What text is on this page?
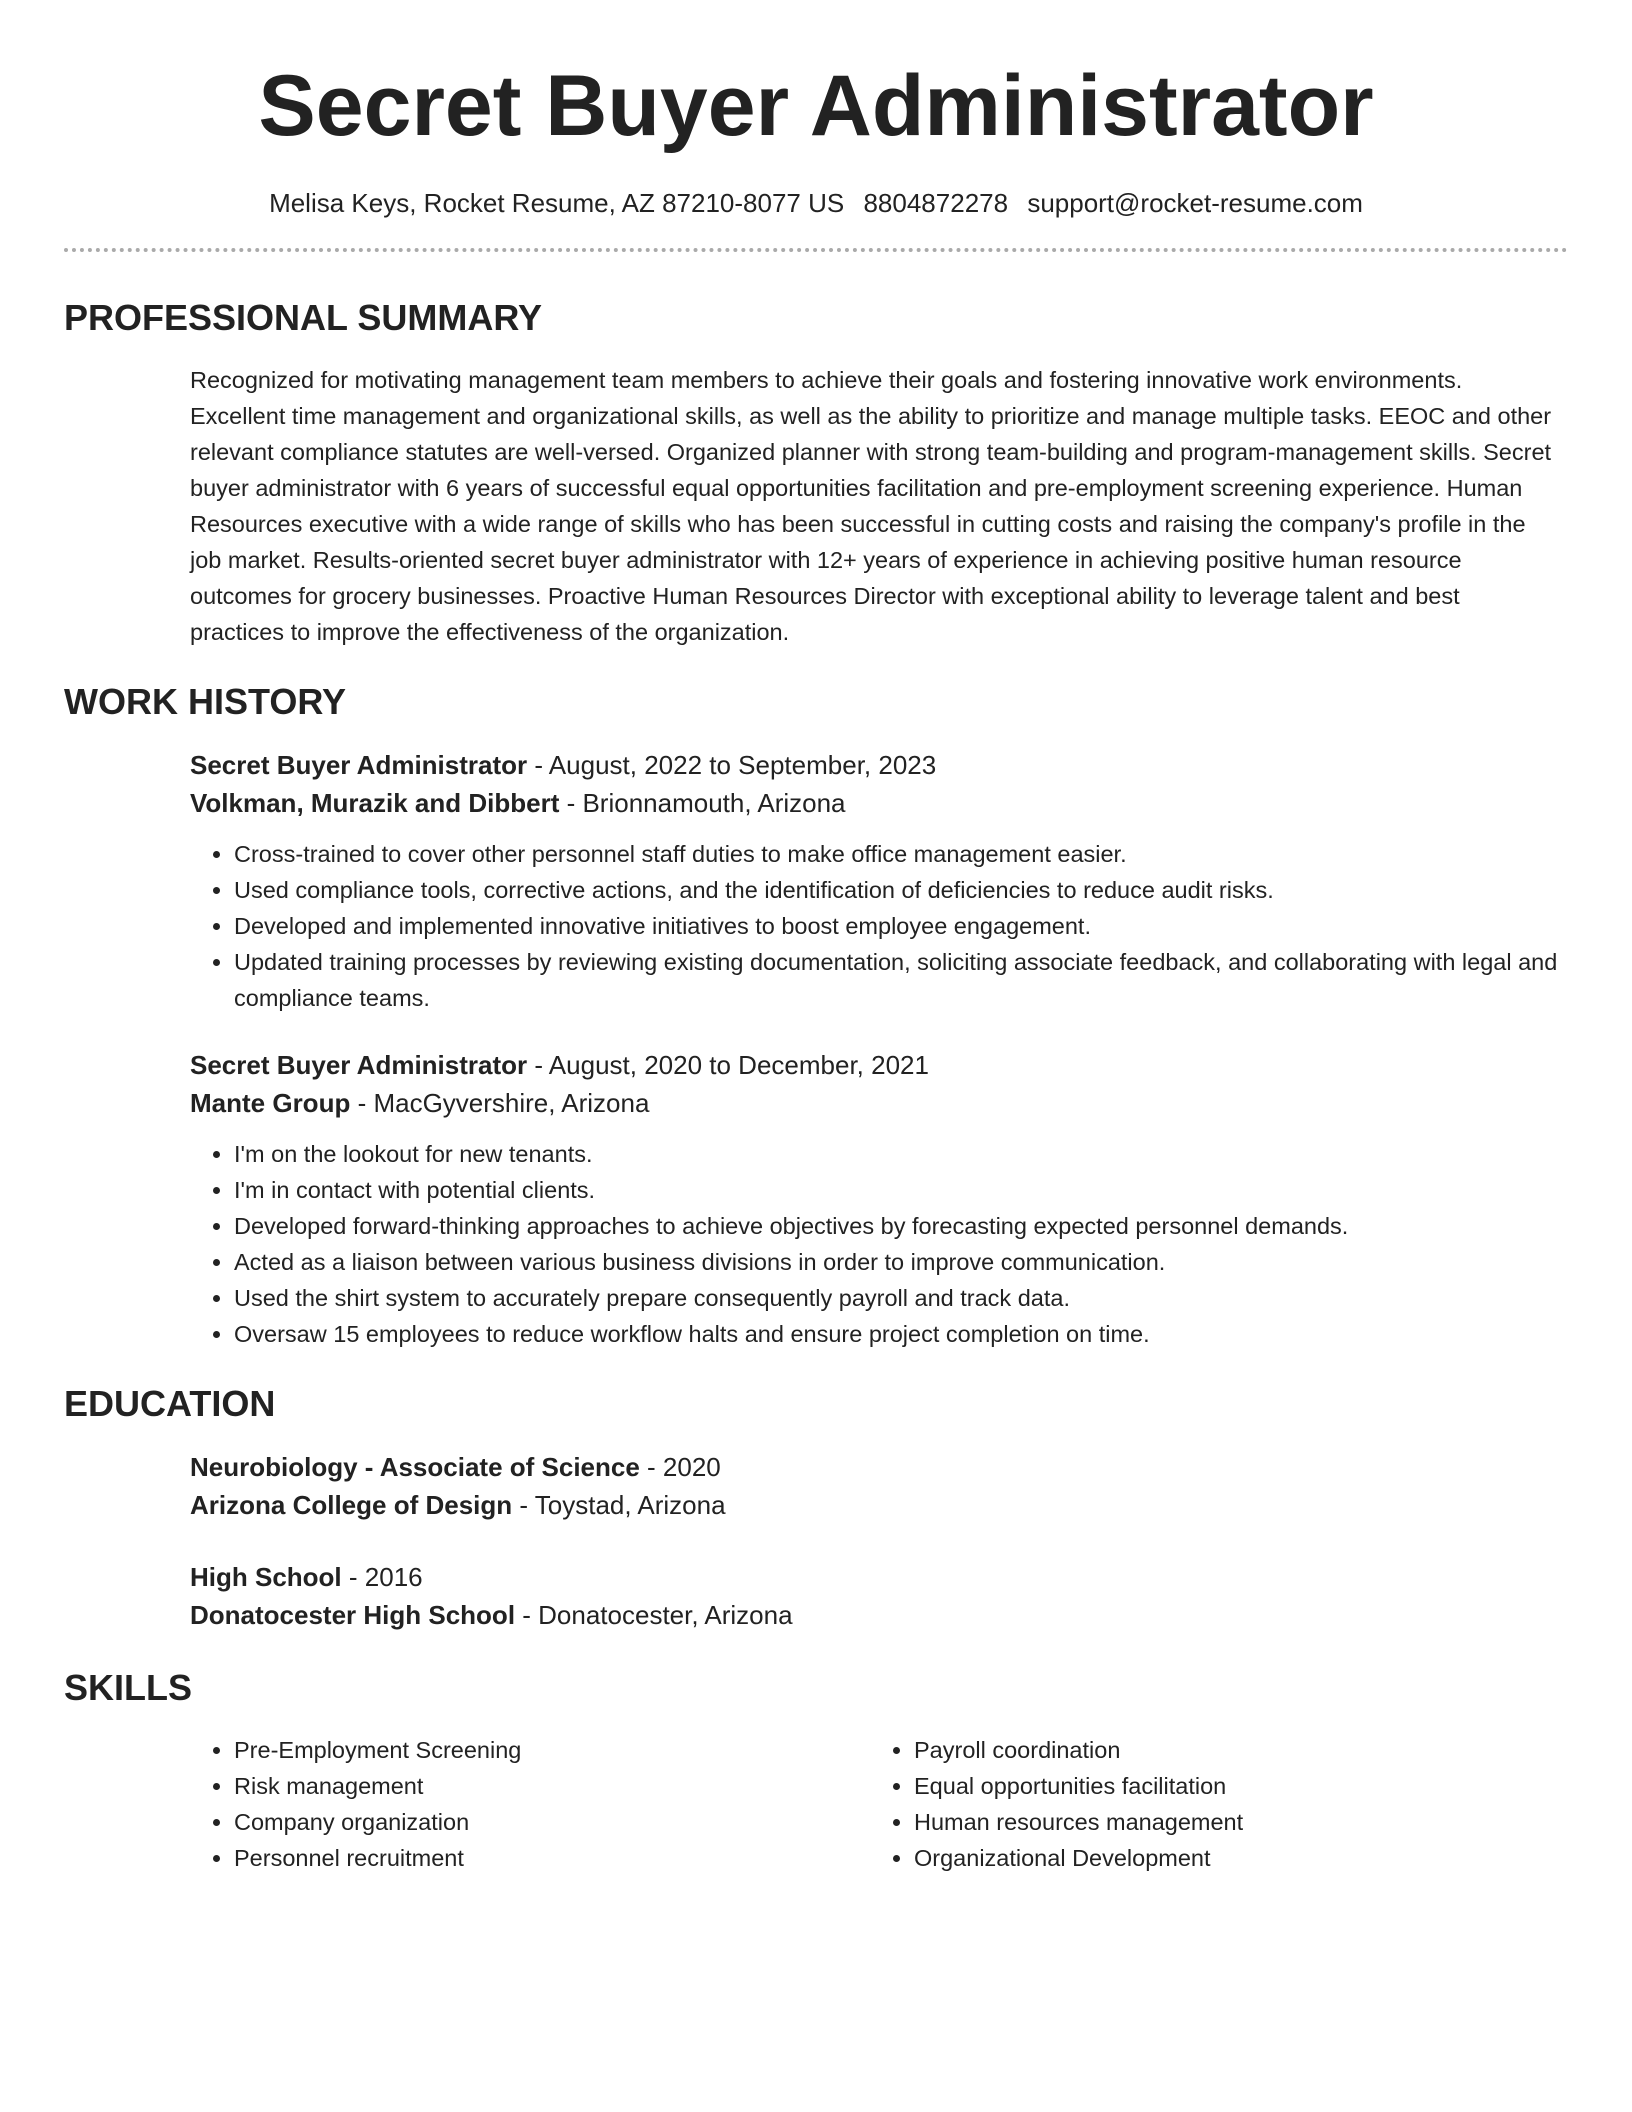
Secret Buyer Administrator
Melisa Keys, Rocket Resume, AZ 87210-8077 US 8804872278 support@rocket-resume.com
PROFESSIONAL SUMMARY
Recognized for motivating management team members to achieve their goals and fostering innovative work environments. Excellent time management and organizational skills, as well as the ability to prioritize and manage multiple tasks. EEOC and other relevant compliance statutes are well-versed. Organized planner with strong team-building and program-management skills. Secret buyer administrator with 6 years of successful equal opportunities facilitation and pre-employment screening experience. Human Resources executive with a wide range of skills who has been successful in cutting costs and raising the company's profile in the job market. Results-oriented secret buyer administrator with 12+ years of experience in achieving positive human resource outcomes for grocery businesses. Proactive Human Resources Director with exceptional ability to leverage talent and best practices to improve the effectiveness of the organization.
WORK HISTORY
Secret Buyer Administrator - August, 2022 to September, 2023
Volkman, Murazik and Dibbert - Brionnamouth, Arizona
• Cross-trained to cover other personnel staff duties to make office management easier.
• Used compliance tools, corrective actions, and the identification of deficiencies to reduce audit risks.
• Developed and implemented innovative initiatives to boost employee engagement.
• Updated training processes by reviewing existing documentation, soliciting associate feedback, and collaborating with legal and compliance teams.
Secret Buyer Administrator - August, 2020 to December, 2021
Mante Group - MacGyvershire, Arizona
• I'm on the lookout for new tenants.
• I'm in contact with potential clients.
• Developed forward-thinking approaches to achieve objectives by forecasting expected personnel demands.
• Acted as a liaison between various business divisions in order to improve communication.
• Used the shirt system to accurately prepare consequently payroll and track data.
• Oversaw 15 employees to reduce workflow halts and ensure project completion on time.
EDUCATION
Neurobiology - Associate of Science - 2020
Arizona College of Design - Toystad, Arizona
High School - 2016
Donatocester High School - Donatocester, Arizona
SKILLS
• Pre-Employment Screening
• Risk management
• Company organization
• Personnel recruitment
• Payroll coordination
• Equal opportunities facilitation
• Human resources management
• Organizational Development
